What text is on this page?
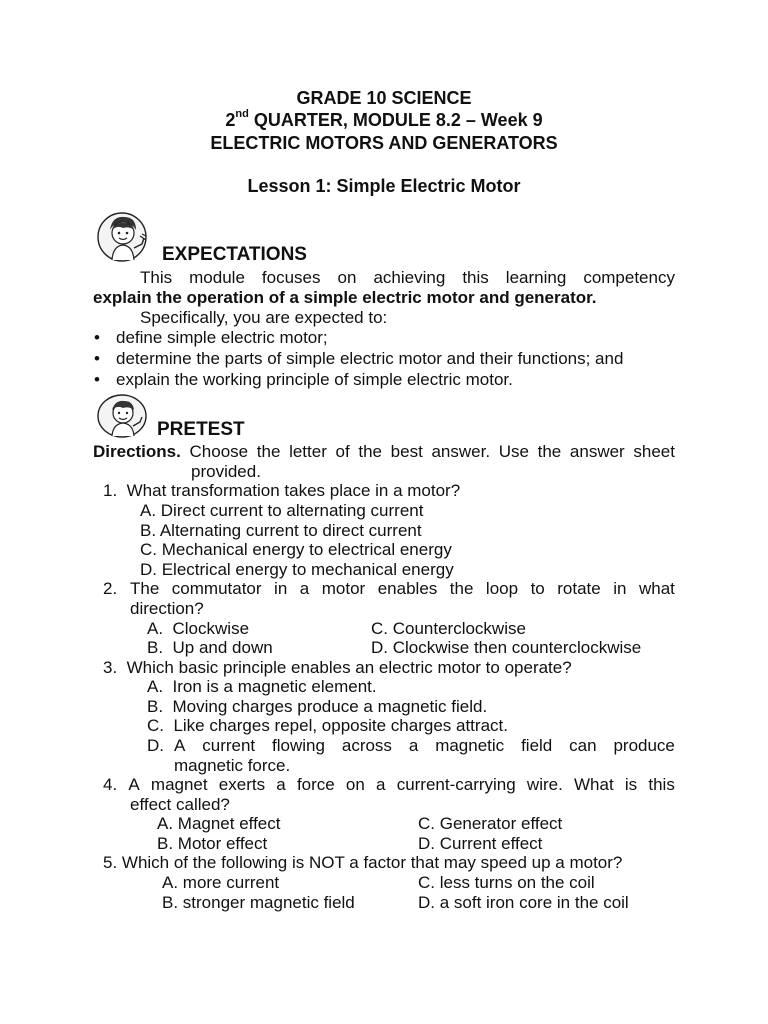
GRADE 10 SCIENCE
2nd QUARTER, MODULE 8.2 – Week 9
ELECTRIC MOTORS AND GENERATORS
Lesson 1: Simple Electric Motor
EXPECTATIONS
This module focuses on achieving this learning competency
explain the operation of a simple electric motor and generator.
Specifically, you are expected to:
• define simple electric motor;
• determine the parts of simple electric motor and their functions; and
• explain the working principle of simple electric motor.
PRETEST
Directions. Choose the letter of the best answer. Use the answer sheet
provided.
1.  What transformation takes place in a motor?
A. Direct current to alternating current
B. Alternating current to direct current
C. Mechanical energy to electrical energy
D. Electrical energy to mechanical energy
2. The commutator in a motor enables the loop to rotate in what
direction?
A.  Clockwise	C. Counterclockwise
B.  Up and down	D. Clockwise then counterclockwise
3.  Which basic principle enables an electric motor to operate?
A.  Iron is a magnetic element.
B.  Moving charges produce a magnetic field.
C.  Like charges repel, opposite charges attract.
D. A current flowing across a magnetic field can produce
magnetic force.
4. A magnet exerts a force on a current-carrying wire. What is this
effect called?
A. Magnet effect	C. Generator effect
B. Motor effect	D. Current effect
5. Which of the following is NOT a factor that may speed up a motor?
A. more current	C. less turns on the coil
B. stronger magnetic field	D. a soft iron core in the coil
